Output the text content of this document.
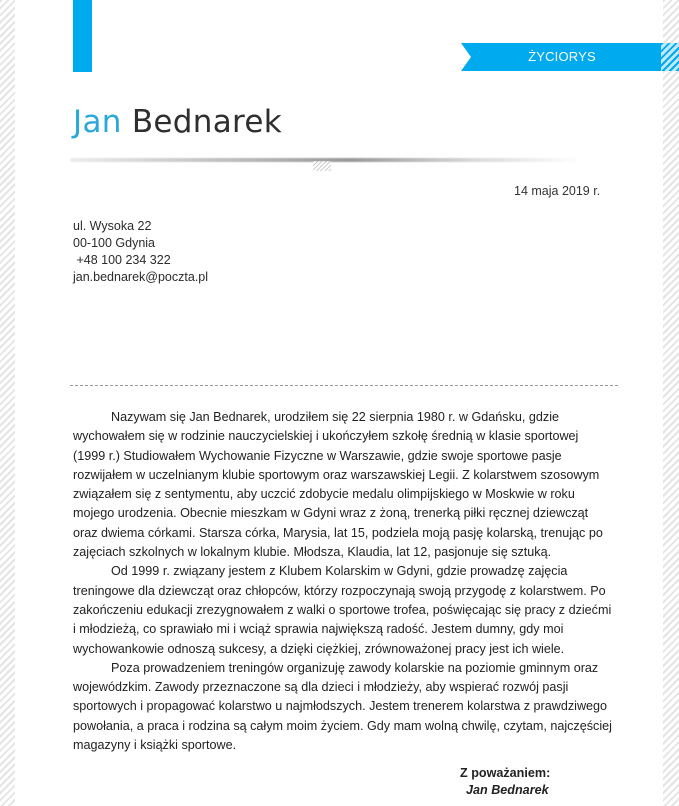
ŻYCIORYS
Jan Bednarek
14 maja 2019 r.
ul. Wysoka 22
00-100 Gdynia
+48 100 234 322
jan.bednarek@poczta.pl

Nazywam się Jan Bednarek, urodziłem się 22 sierpnia 1980 r. w Gdańsku, gdzie wychowałem się w rodzinie nauczycielskiej i ukończyłem szkołę średnią w klasie sportowej (1999 r.) Studiowałem Wychowanie Fizyczne w Warszawie, gdzie swoje sportowe pasje rozwijałem w uczelnianym klubie sportowym oraz warszawskiej Legii. Z kolarstwem szosowym związałem się z sentymentu, aby uczcić zdobycie medalu olimpijskiego w Moskwie w roku mojego urodzenia. Obecnie mieszkam w Gdyni wraz z żoną, trenerką piłki ręcznej dziewcząt oraz dwiema córkami. Starsza córka, Marysia, lat 15, podziela moją pasję kolarską, trenując po zajęciach szkolnych w lokalnym klubie. Młodsza, Klaudia, lat 12, pasjonuje się sztuką.

Od 1999 r. związany jestem z Klubem Kolarskim w Gdyni, gdzie prowadzę zajęcia treningowe dla dziewcząt oraz chłopców, którzy rozpoczynają swoją przygodę z kolarstwem. Po zakończeniu edukacji zrezygnowałem z walki o sportowe trofea, poświęcając się pracy z dziećmi i młodzieżą, co sprawiało mi i wciąż sprawia największą radość. Jestem dumny, gdy moi wychowankowie odnoszą sukcesy, a dzięki ciężkiej, zrównoważonej pracy jest ich wiele.

Poza prowadzeniem treningów organizuję zawody kolarskie na poziomie gminnym oraz wojewódzkim. Zawody przeznaczone są dla dzieci i młodzieży, aby wspierać rozwój pasji sportowych i propagować kolarstwo u najmłodszych. Jestem trenerem kolarstwa z prawdziwego powołania, a praca i rodzina są całym moim życiem. Gdy mam wolną chwilę, czytam, najczęściej magazyny i książki sportowe.

Z poważaniem:
Jan Bednarek
